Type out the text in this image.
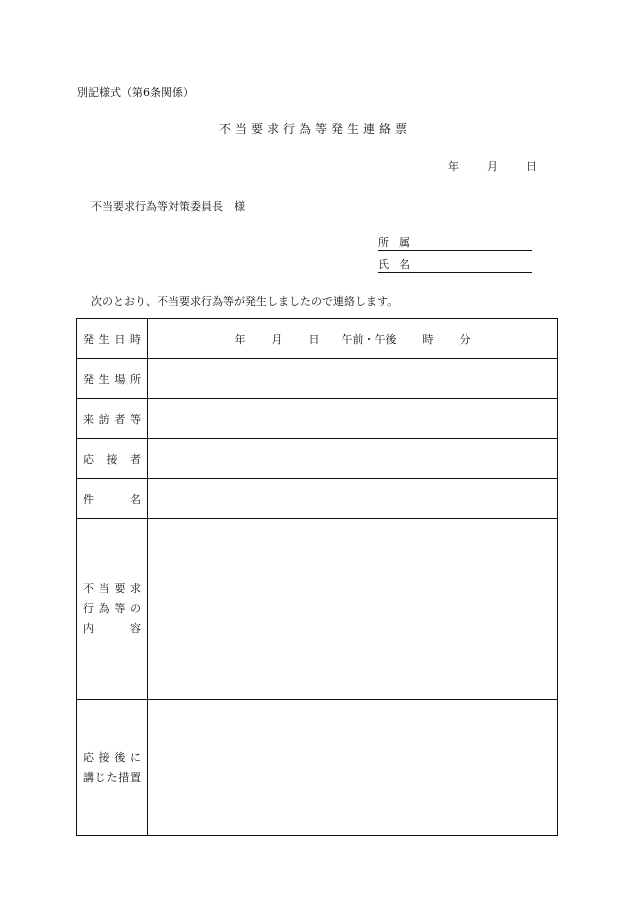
別記様式（第6条関係）
不当要求行為等発生連絡票
年	月	日
不当要求行為等対策委員長　様
所属
氏名
次のとおり、不当要求行為等が発生しましたので連絡します。
発生日時	年 月 日 午前・午後 時 分

発生場所	

来訪者等	

応接者	

件名	

不当要求
行為等の
内容	

応接後に
講じた措置	
